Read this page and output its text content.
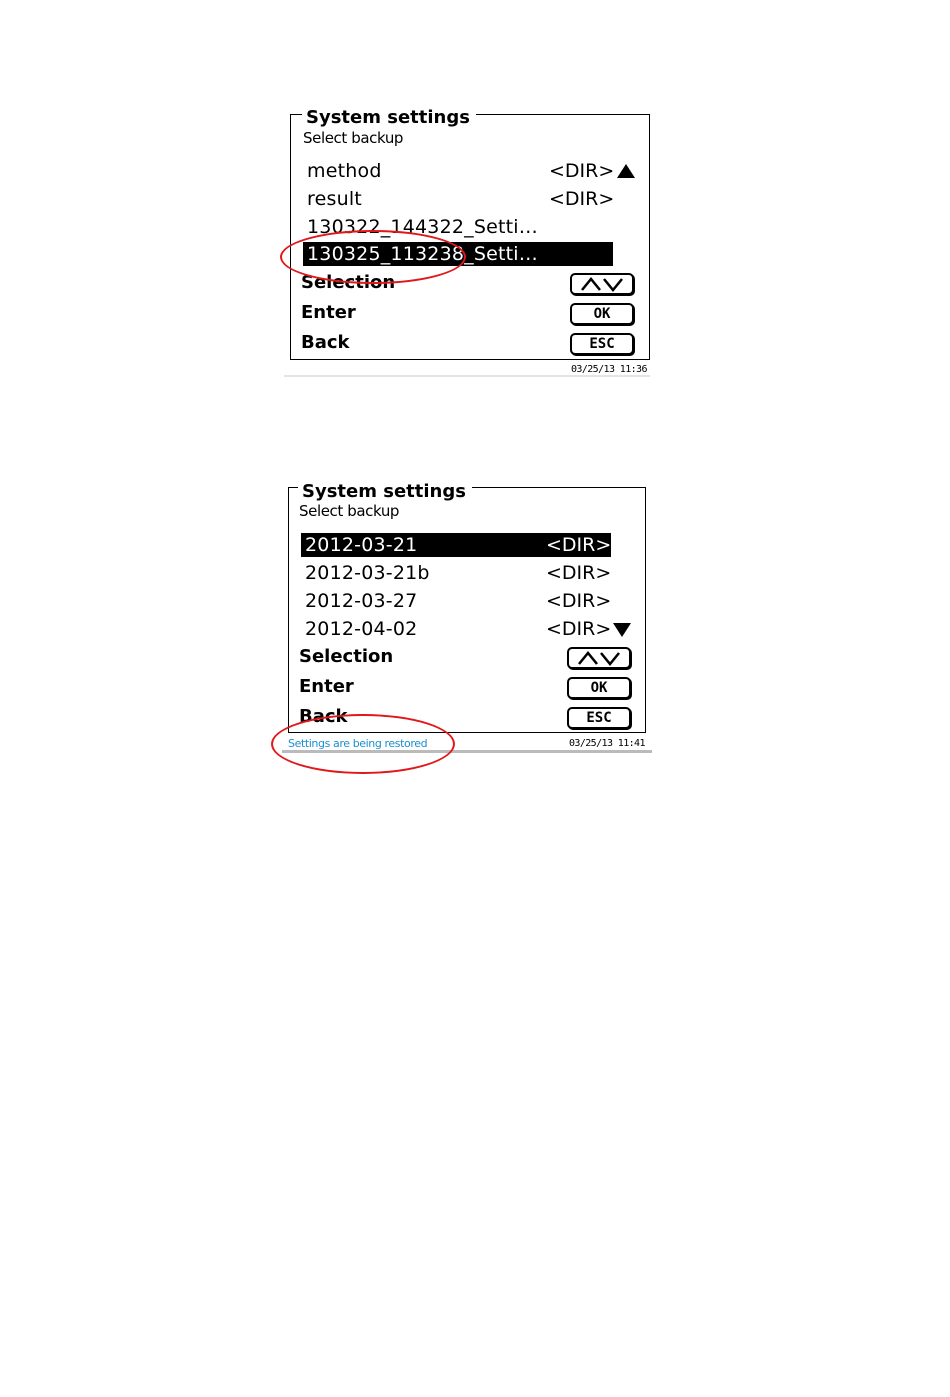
System settings
Select backup
method	<DIR>
result	<DIR>
130322_144322_Setti…
130325_113238_Setti…
Selection
Enter	OK
Back	ESC
03/25/13 11:36
System settings
Select backup
2012-03-21	<DIR>
2012-03-21b	<DIR>
2012-03-27	<DIR>
2012-04-02	<DIR>
Selection
Enter	OK
Back	ESC
Settings are being restored	03/25/13 11:41
